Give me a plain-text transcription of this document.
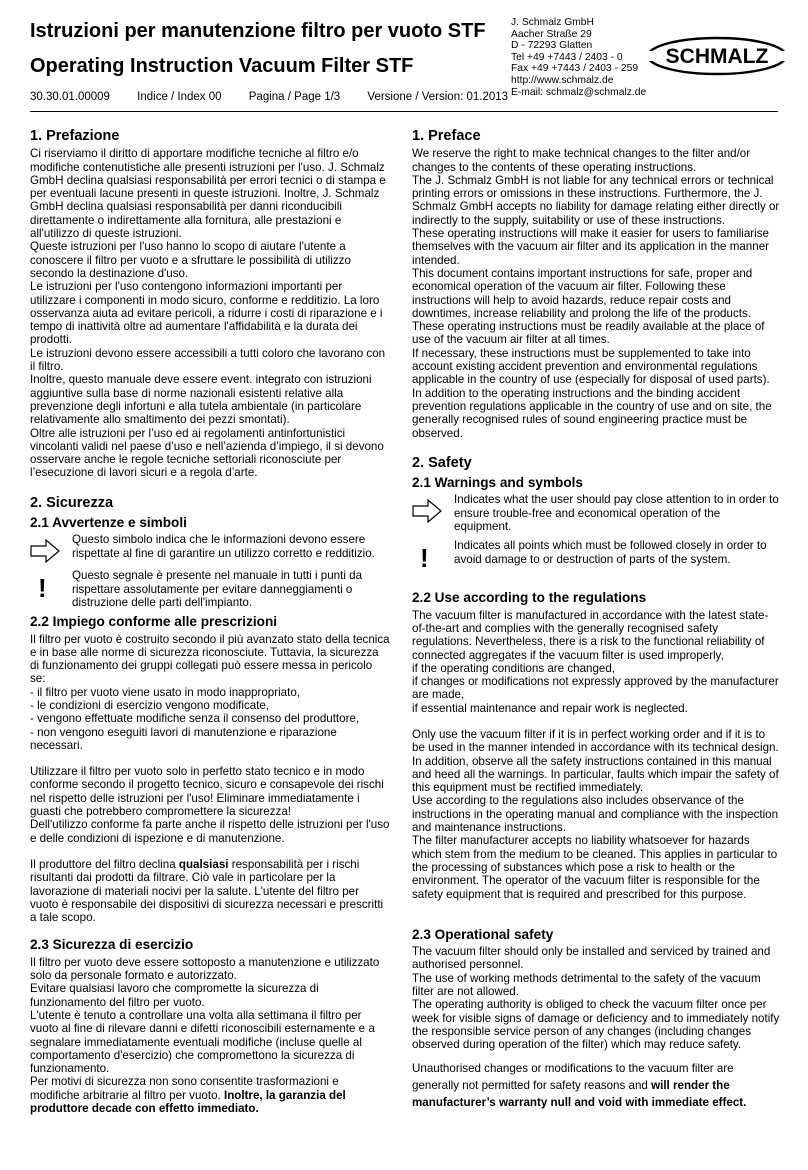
Istruzioni per manutenzione filtro per vuoto STF
Operating Instruction Vacuum Filter STF
30.30.01.00009 Indice / Index 00 Pagina / Page 1/3 Versione / Version: 01.2013
J. Schmalz GmbH
Aacher Straße 29
D - 72293 Glatten
Tel +49 +7443 / 2403 - 0
Fax +49 +7443 / 2403 - 259
http://www.schmalz.de
E-mail: schmalz@schmalz.de
SCHMALZ
1. Prefazione

Ci riserviamo il diritto di apportare modifiche tecniche al filtro e/o modifiche contenutistiche alle presenti istruzioni per l'uso. J. Schmalz GmbH declina qualsiasi responsabilità per errori tecnici o di stampa e per eventuali lacune presenti in queste istruzioni. Inoltre, J. Schmalz GmbH declina qualsiasi responsabilità per danni riconducibili direttamente o indirettamente alla fornitura, alle prestazioni e all'utilizzo di queste istruzioni.

Queste istruzioni per l'uso hanno lo scopo di aiutare l'utente a conoscere il filtro per vuoto e a sfruttare le possibilità di utilizzo secondo la destinazione d'uso.

Le istruzioni per l'uso contengono informazioni importanti per utilizzare i componenti in modo sicuro, conforme e redditizio. La loro osservanza aiuta ad evitare pericoli, a ridurre i costi di riparazione e i tempo di inattività oltre ad aumentare l'affidabilità e la durata dei prodotti.

Le istruzioni devono essere accessibili a tutti coloro che lavorano con il filtro.

Inoltre, questo manuale deve essere event. integrato con istruzioni aggiuntive sulla base di norme nazionali esistenti relative alla prevenzione degli infortuni e alla tutela ambientale (in particolare relativamente allo smaltimento dei pezzi smontati).

Oltre alle istruzioni per l’uso ed ai regolamenti antinfortunistici vincolanti validi nel paese d’uso e nell’azienda d’impiego, il si devono osservare anche le regole tecniche settoriali riconosciute per l’esecuzione di lavori sicuri e a regola d’arte.

2. Sicurezza
2.1 Avvertenze e simboli
Questo simbolo indica che le informazioni devono essere rispettate al fine di garantire un utilizzo corretto e redditizio.
! Questo segnale è presente nel manuale in tutti i punti da rispettare assolutamente per evitare danneggiamenti o distruzione delle parti dell'impianto.
2.2 Impiego conforme alle prescrizioni

Il filtro per vuoto è costruito secondo il più avanzato stato della tecnica e in base alle norme di sicurezza riconosciute. Tuttavia, la sicurezza di funzionamento dei gruppi collegati può essere messa in pericolo se:

- il filtro per vuoto viene usato in modo inappropriato,

- le condizioni di esercizio vengono modificate,

- vengono effettuate modifiche senza il consenso del produttore,

- non vengono eseguiti lavori di manutenzione e riparazione necessari.

Utilizzare il filtro per vuoto solo in perfetto stato tecnico e in modo conforme secondo il progetto tecnico, sicuro e consapevole dei rischi nel rispetto delle istruzioni per l'uso! Eliminare immediatamente i guasti che potrebbero compromettere la sicurezza!

Dell'utilizzo conforme fa parte anche il rispetto delle istruzioni per l'uso e delle condizioni di ispezione e di manutenzione.

Il produttore del filtro declina qualsiasi responsabilità per i rischi risultanti dai prodotti da filtrare. Ciò vale in particolare per la lavorazione di materiali nocivi per la salute. L'utente del filtro per vuoto è responsabile dei dispositivi di sicurezza necessari e prescritti a tale scopo.

2.3 Sicurezza di esercizio

Il filtro per vuoto deve essere sottoposto a manutenzione e utilizzato solo da personale formato e autorizzato.

Evitare qualsiasi lavoro che compromette la sicurezza di funzionamento del filtro per vuoto.

L'utente è tenuto a controllare una volta alla settimana il filtro per vuoto al fine di rilevare danni e difetti riconoscibili esternamente e a segnalare immediatamente eventuali modifiche (incluse quelle al comportamento d'esercizio) che compromettono la sicurezza di funzionamento.

Per motivi di sicurezza non sono consentite trasformazioni e modifiche arbitrarie al filtro per vuoto. Inoltre, la garanzia del produttore decade con effetto immediato.

1. Preface

We reserve the right to make technical changes to the filter and/or changes to the contents of these operating instructions.

The J. Schmalz GmbH is not liable for any technical errors or technical printing errors or omissions in these instructions. Furthermore, the J. Schmalz GmbH accepts no liability for damage relating either directly or indirectly to the supply, suitability or use of these instructions.

These operating instructions will make it easier for users to familiarise themselves with the vacuum air filter and its application in the manner intended.

This document contains important instructions for safe, proper and economical operation of the vacuum air filter. Following these instructions will help to avoid hazards, reduce repair costs and downtimes, increase reliability and prolong the life of the products.

These operating instructions must be readily available at the place of use of the vacuum air filter at all times.

If necessary, these instructions must be supplemented to take into account existing accident prevention and environmental regulations applicable in the country of use (especially for disposal of used parts).

In addition to the operating instructions and the binding accident prevention regulations applicable in the country of use and on site, the generally recognised rules of sound engineering practice must be observed.

2. Safety
2.1 Warnings and symbols
Indicates what the user should pay close attention to in order to ensure trouble-free and economical operation of the equipment.
! Indicates all points which must be followed closely in order to avoid damage to or destruction of parts of the system.
2.2 Use according to the regulations

The vacuum filter is manufactured in accordance with the latest state-of-the-art and complies with the generally recognised safety regulations. Nevertheless, there is a risk to the functional reliability of connected aggregates if the vacuum filter is used improperly,

if the operating conditions are changed,

if changes or modifications not expressly approved by the manufacturer are made,

if essential maintenance and repair work is neglected.

Only use the vacuum filter if it is in perfect working order and if it is to be used in the manner intended in accordance with its technical design. In addition, observe all the safety instructions contained in this manual and heed all the warnings. In particular, faults which impair the safety of this equipment must be rectified immediately.

Use according to the regulations also includes observance of the instructions in the operating manual and compliance with the inspection and maintenance instructions.

The filter manufacturer accepts no liability whatsoever for hazards which stem from the medium to be cleaned. This applies in particular to the processing of substances which pose a risk to health or the environment. The operator of the vacuum filter is responsible for the safety equipment that is required and prescribed for this purpose.

2.3 Operational safety

The vacuum filter should only be installed and serviced by trained and authorised personnel.

The use of working methods detrimental to the safety of the vacuum filter are not allowed.

The operating authority is obliged to check the vacuum filter once per week for visible signs of damage or deficiency and to immediately notify the responsible service person of any changes (including changes observed during operation of the filter) which may reduce safety.

Unauthorised changes or modifications to the vacuum filter are generally not permitted for safety reasons and will render the manufacturer’s warranty null and void with immediate effect.
